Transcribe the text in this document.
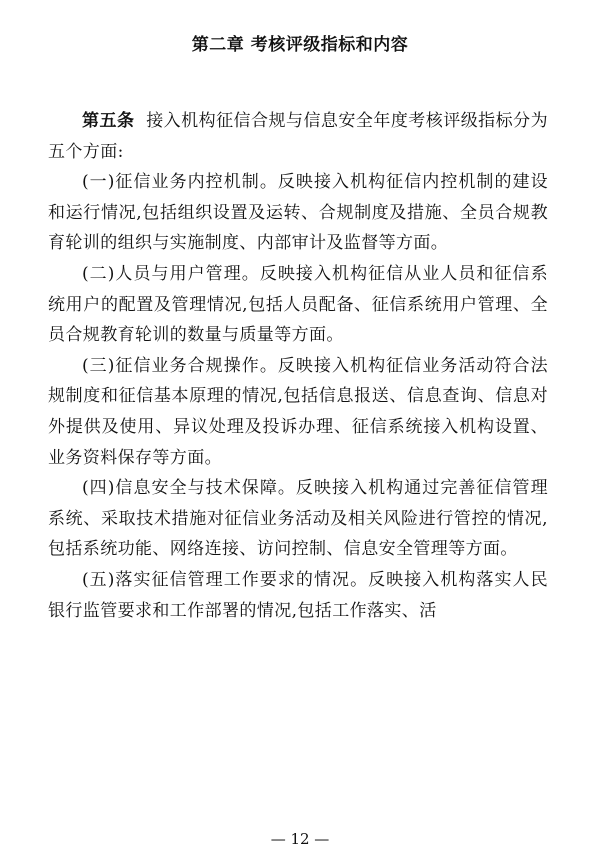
第二章 考核评级指标和内容

第五条 接入机构征信合规与信息安全年度考核评级指标分为五个方面:

(一)征信业务内控机制。反映接入机构征信内控机制的建设和运行情况,包括组织设置及运转、合规制度及措施、全员合规教育轮训的组织与实施制度、内部审计及监督等方面。

(二)人员与用户管理。反映接入机构征信从业人员和征信系统用户的配置及管理情况,包括人员配备、征信系统用户管理、全员合规教育轮训的数量与质量等方面。

(三)征信业务合规操作。反映接入机构征信业务活动符合法规制度和征信基本原理的情况,包括信息报送、信息查询、信息对外提供及使用、异议处理及投诉办理、征信系统接入机构设置、业务资料保存等方面。

(四)信息安全与技术保障。反映接入机构通过完善征信管理系统、采取技术措施对征信业务活动及相关风险进行管控的情况,包括系统功能、网络连接、访问控制、信息安全管理等方面。

(五)落实征信管理工作要求的情况。反映接入机构落实人民银行监管要求和工作部署的情况,包括工作落实、活

— 12 —
